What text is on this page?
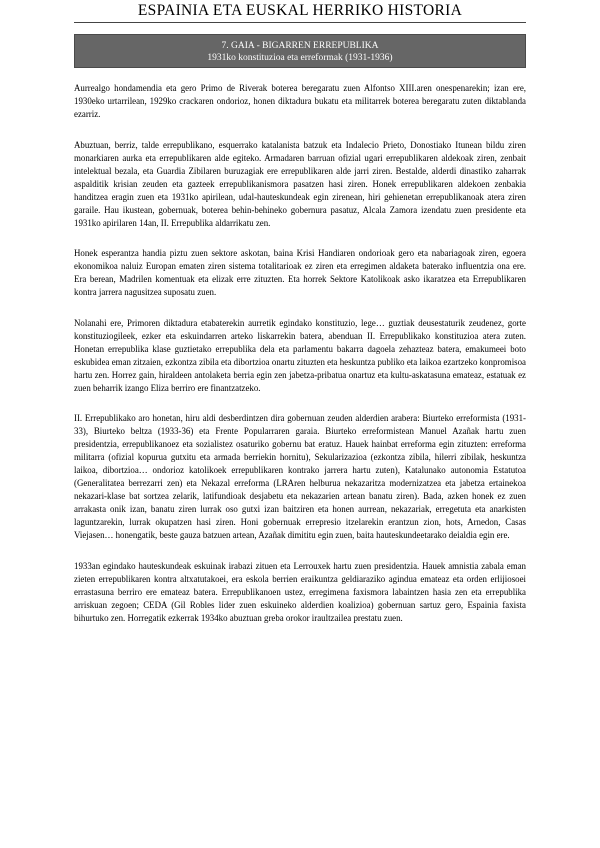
ESPAINIA ETA EUSKAL HERRIKO HISTORIA
7. GAIA - BIGARREN ERREPUBLIKA
1931ko konstituzioa eta erreformak (1931-1936)

Aurrealgo hondamendia eta gero Primo de Riverak boterea beregaratu zuen Alfontso XIII.aren onespenarekin; izan ere, 1930eko urtarrilean, 1929ko crackaren ondorioz, honen diktadura bukatu eta militarrek boterea beregaratu zuten diktablanda ezarriz.

Abuztuan, berriz, talde errepublikano, esquerrako katalanista batzuk eta Indalecio Prieto, Donostiako Itunean bildu ziren monarkiaren aurka eta errepublikaren alde egiteko. Armadaren barruan ofizial ugari errepublikaren aldekoak ziren, zenbait intelektual bezala, eta Guardia Zibilaren buruzagiak ere errepublikaren alde jarri ziren. Bestalde, alderdi dinastiko zaharrak aspalditik krisian zeuden eta gazteek errepublikanismora pasatzen hasi ziren. Honek errepublikaren aldekoen zenbakia handitzea eragin zuen eta 1931ko apirilean, udal-hauteskundeak egin zirenean, hiri gehienetan errepublikanoak atera ziren garaile. Hau ikustean, gobernuak, boterea behin-behineko gobernura pasatuz, Alcala Zamora izendatu zuen presidente eta 1931ko apirilaren 14an, II. Errepublika aldarrikatu zen.

Honek esperantza handia piztu zuen sektore askotan, baina Krisi Handiaren ondorioak gero eta nabariagoak ziren, egoera ekonomikoa naluiz Europan ematen ziren sistema totalitarioak ez ziren eta erregimen aldaketa baterako influentzia ona ere. Era berean, Madrilen komentuak eta elizak erre zituzten. Eta horrek Sektore Katolikoak asko ikaratzea eta Errepublikaren kontra jarrera nagusitzea suposatu zuen.

Nolanahi ere, Primoren diktadura etabaterekin aurretik egindako konstituzio, lege… guztiak deusestaturik zeudenez, gorte konstituziogileek, ezker eta eskuindarren arteko liskarrekin batera, abenduan II. Errepublikako konstituzioa atera zuten. Honetan errepublika klase guztietako errepublika dela eta parlamentu bakarra dagoela zehazteaz batera, emakumeei boto eskubidea eman zitzaien, ezkontza zibila eta dibortzioa onartu zituzten eta heskuntza publiko eta laikoa ezartzeko konpromisoa hartu zen. Horrez gain, hiraldeen antolaketa berria egin zen jabetza-pribatua onartuz eta kultu-askatasuna emateaz, estatuak ez zuen beharrik izango Eliza berriro ere finantzatzeko.

II. Errepublikako aro honetan, hiru aldi desberdintzen dira gobernuan zeuden alderdien arabera: Biurteko erreformista (1931-33), Biurteko beltza (1933-36) eta Frente Popularraren garaia. Biurteko erreformistean Manuel Azañak hartu zuen presidentzia, errepublikanoez eta sozialistez osaturiko gobernu bat eratuz. Hauek hainbat erreforma egin zituzten: erreforma militarra (ofizial kopurua gutxitu eta armada berriekin hornitu), Sekularizazioa (ezkontza zibila, hilerri zibilak, heskuntza laikoa, dibortzioa… ondorioz katolikoek errepublikaren kontrako jarrera hartu zuten), Katalunako autonomia Estatutoa (Generalitatea berrezarri zen) eta Nekazal erreforma (LRAren helburua nekazaritza modernizatzea eta jabetza ertainekoa nekazari-klase bat sortzea zelarik, latifundioak desjabetu eta nekazarien artean banatu ziren). Bada, azken honek ez zuen arrakasta onik izan, banatu ziren lurrak oso gutxi izan baitziren eta honen aurrean, nekazariak, erregetuta eta anarkisten laguntzarekin, lurrak okupatzen hasi ziren. Honi gobernuak errepresio itzelarekin erantzun zion, hots, Arnedon, Casas Viejasen… honengatik, beste gauza batzuen artean, Azañak dimititu egin zuen, baita hauteskundeetarako deialdia egin ere.

1933an egindako hauteskundeak eskuinak irabazi zituen eta Lerrouxek hartu zuen presidentzia. Hauek amnistia zabala eman zieten errepublikaren kontra altxatutakoei, era eskola berrien eraikuntza geldiaraziko agindua emateaz eta orden erlijiosoei errastasuna berriro ere emateaz batera. Errepublikanoen ustez, erregimena faxismora labaintzen hasia zen eta errepublika arriskuan zegoen; CEDA (Gil Robles lider zuen eskuineko alderdien koalizioa) gobernuan sartuz gero, Espainia faxista bihurtuko zen. Horregatik ezkerrak 1934ko abuztuan greba orokor iraultzailea prestatu zuen.
